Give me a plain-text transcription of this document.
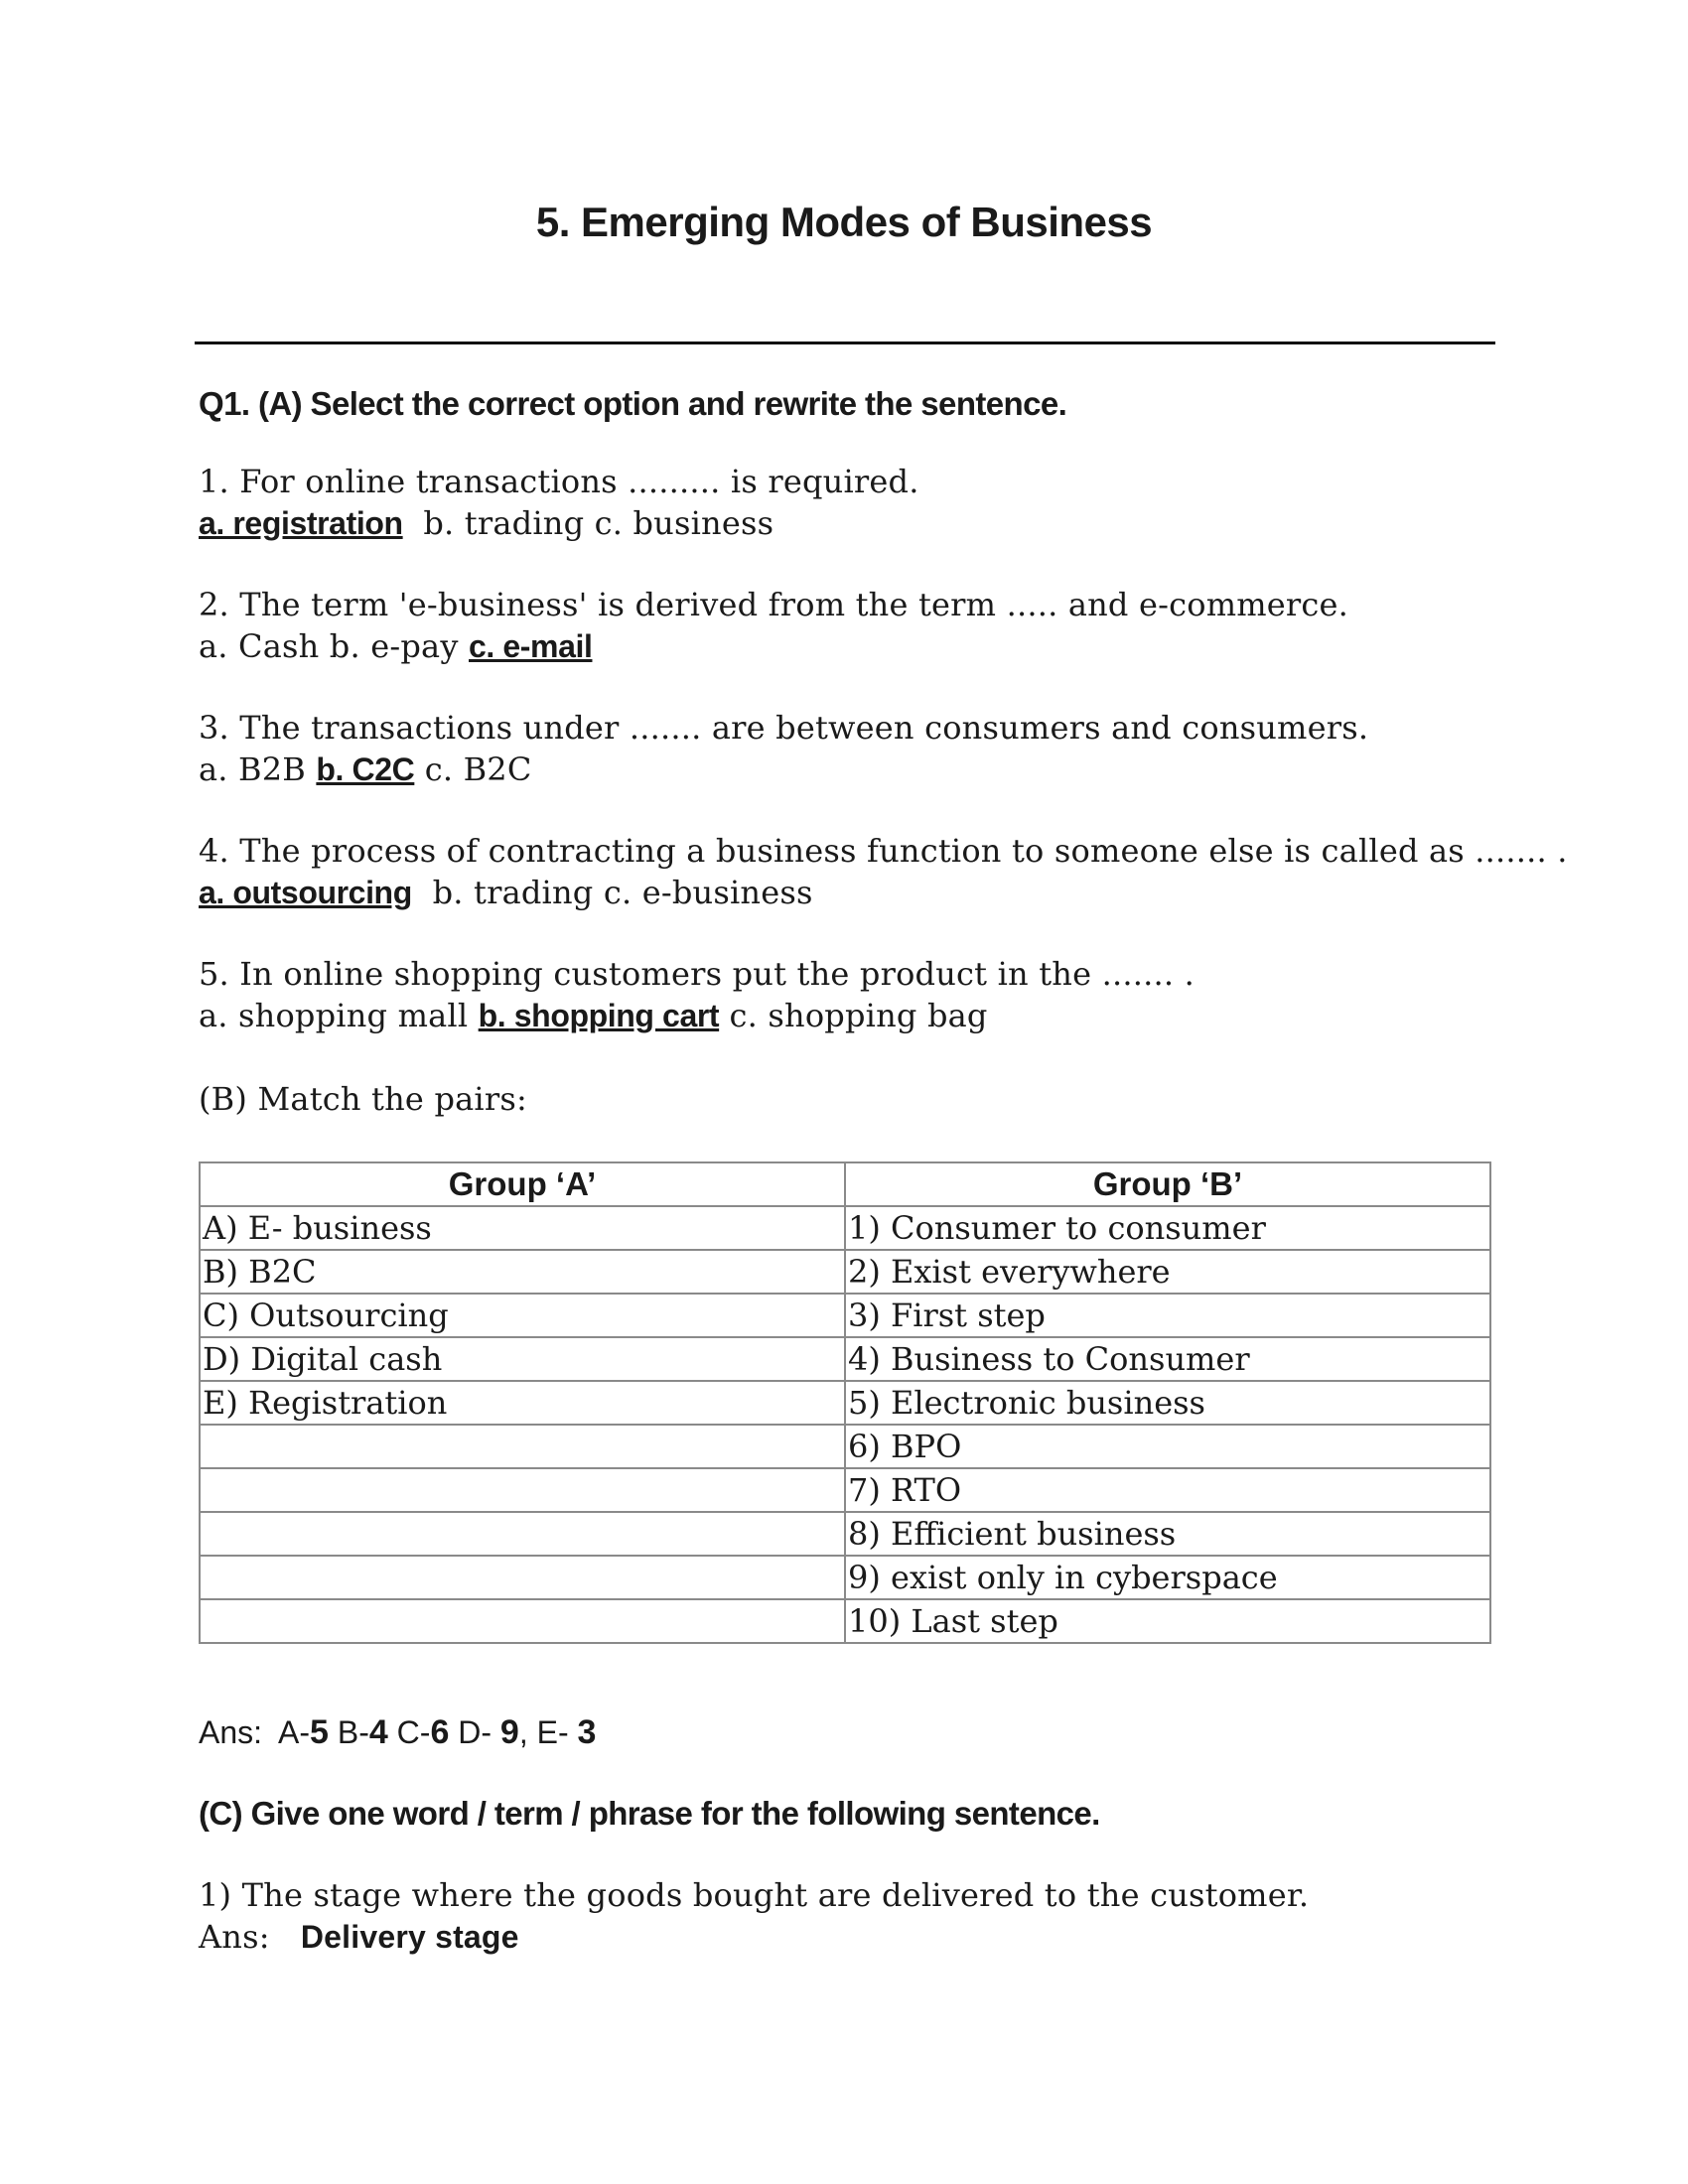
5. Emerging Modes of Business
Q1. (A) Select the correct option and rewrite the sentence.
1. For online transactions ......... is required.
a. registration b. trading c. business
2. The term 'e-business' is derived from the term ..... and e-commerce.
a. Cash b. e-pay c. e-mail
3. The transactions under ....... are between consumers and consumers.
a. B2B b. C2C c. B2C
4. The process of contracting a business function to someone else is called as ....... .
a. outsourcing b. trading c. e-business
5. In online shopping customers put the product in the ....... .
a. shopping mall b. shopping cart c. shopping bag
(B) Match the pairs:
Group ‘A’	Group ‘B’
A) E- business	1) Consumer to consumer
B) B2C	2) Exist everywhere
C) Outsourcing	3) First step
D) Digital cash	4) Business to Consumer
E) Registration	5) Electronic business
	6) BPO
	7) RTO
	8) Efficient business
	9) exist only in cyberspace
	10) Last step
Ans: A-5 B-4 C-6 D- 9, E- 3
(C) Give one word / term / phrase for the following sentence.
1) The stage where the goods bought are delivered to the customer.
Ans: Delivery stage
